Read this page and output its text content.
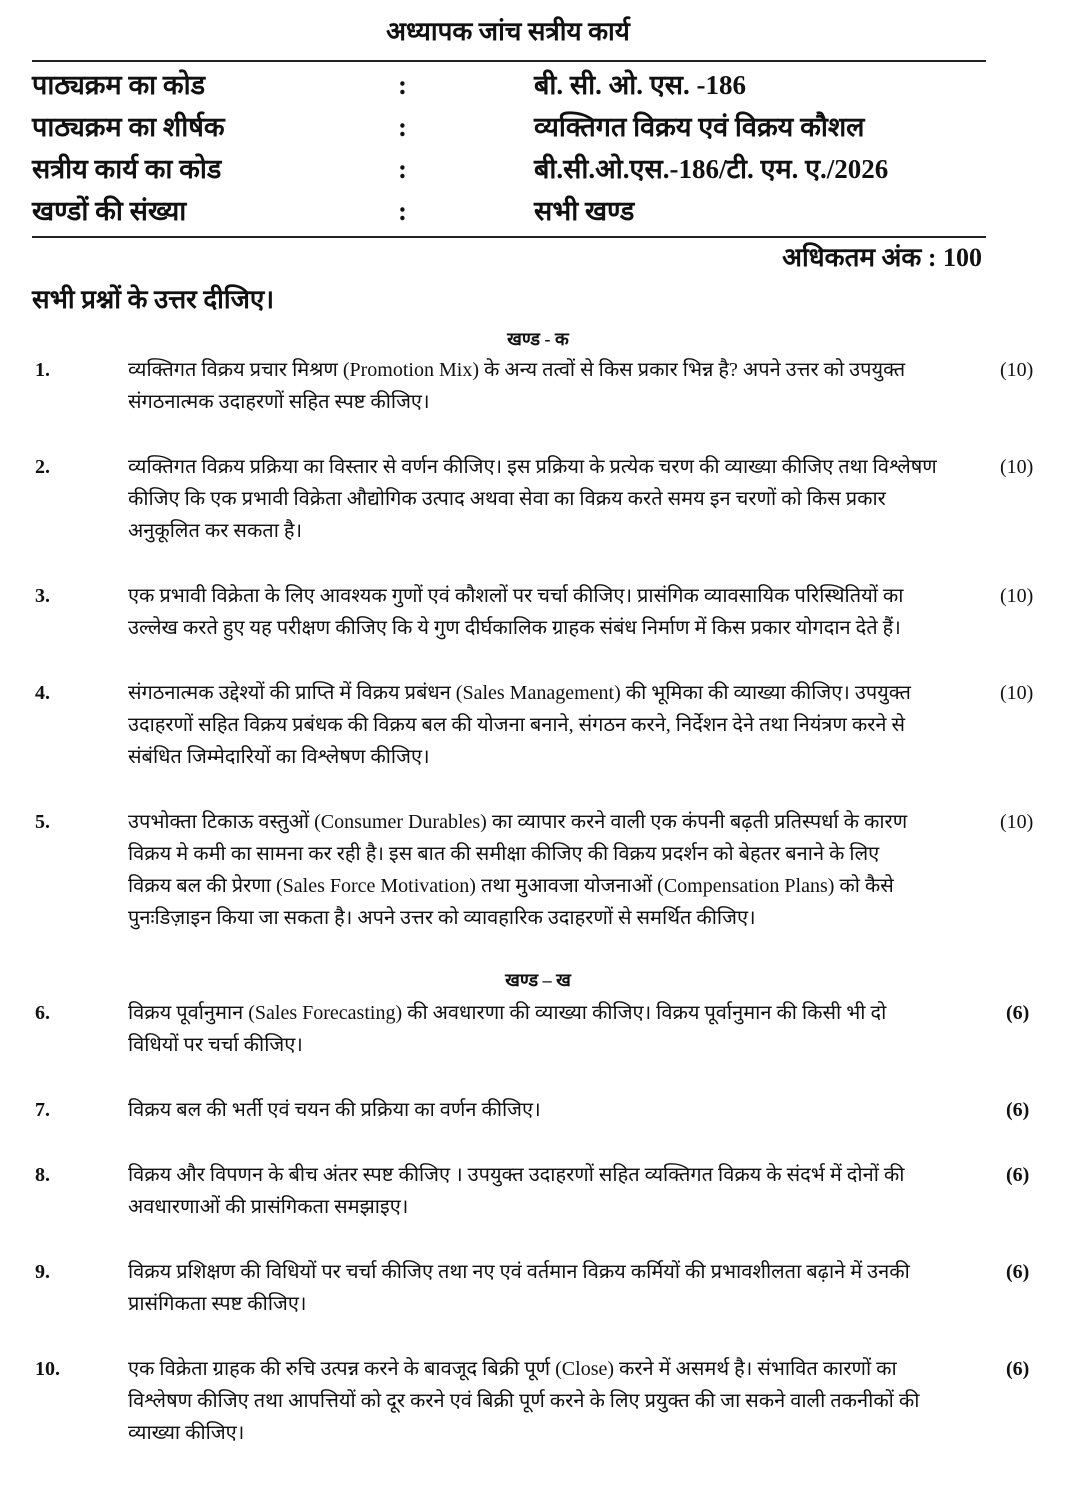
अध्यापक जांच सत्रीय कार्य
पाठ्यक्रम का कोड	:	बी. सी. ओ. एस. -186
पाठ्यक्रम का शीर्षक	:	व्यक्तिगत विक्रय एवं विक्रय कौशल
सत्रीय कार्य का कोड	:	बी.सी.ओ.एस.-186/टी. एम. ए./2026
खण्डों की संख्या	:	सभी खण्ड
अधिकतम अंक : 100
सभी प्रश्नों के उत्तर दीजिए।
खण्ड - क
1.	व्यक्तिगत विक्रय प्रचार मिश्रण (Promotion Mix) के अन्य तत्वों से किस प्रकार भिन्न है? अपने उत्तर को उपयुक्त
संगठनात्मक उदाहरणों सहित स्पष्ट कीजिए।
(10)
2.	व्यक्तिगत विक्रय प्रक्रिया का विस्तार से वर्णन कीजिए। इस प्रक्रिया के प्रत्येक चरण की व्याख्या कीजिए तथा विश्लेषण
कीजिए कि एक प्रभावी विक्रेता औद्योगिक उत्पाद अथवा सेवा का विक्रय करते समय इन चरणों को किस प्रकार
अनुकूलित कर सकता है।
(10)
3.	एक प्रभावी विक्रेता के लिए आवश्यक गुणों एवं कौशलों पर चर्चा कीजिए। प्रासंगिक व्यावसायिक परिस्थितियों का
उल्लेख करते हुए यह परीक्षण कीजिए कि ये गुण दीर्घकालिक ग्राहक संबंध निर्माण में किस प्रकार योगदान देते हैं।
(10)
4.	संगठनात्मक उद्देश्यों की प्राप्ति में विक्रय प्रबंधन (Sales Management) की भूमिका की व्याख्या कीजिए। उपयुक्त
उदाहरणों सहित विक्रय प्रबंधक की विक्रय बल की योजना बनाने, संगठन करने, निर्देशन देने तथा नियंत्रण करने से
संबंधित जिम्मेदारियों का विश्लेषण कीजिए।
(10)
5.	उपभोक्ता टिकाऊ वस्तुओं (Consumer Durables) का व्यापार करने वाली एक कंपनी बढ़ती प्रतिस्पर्धा के कारण
विक्रय मे कमी का सामना कर रही है। इस बात की समीक्षा कीजिए की विक्रय प्रदर्शन को बेहतर बनाने के लिए
विक्रय बल की प्रेरणा (Sales Force Motivation) तथा मुआवजा योजनाओं (Compensation Plans) को कैसे
पुनःडिज़ाइन किया जा सकता है। अपने उत्तर को व्यावहारिक उदाहरणों से समर्थित कीजिए।
(10)
खण्ड – ख
6.	विक्रय पूर्वानुमान (Sales Forecasting) की अवधारणा की व्याख्या कीजिए। विक्रय पूर्वानुमान की किसी भी दो
विधियों पर चर्चा कीजिए।
(6)
7.	विक्रय बल की भर्ती एवं चयन की प्रक्रिया का वर्णन कीजिए।	(6)
8.	विक्रय और विपणन के बीच अंतर स्पष्ट कीजिए । उपयुक्त उदाहरणों सहित व्यक्तिगत विक्रय के संदर्भ में दोनों की
अवधारणाओं की प्रासंगिकता समझाइए।
(6)
9.	विक्रय प्रशिक्षण की विधियों पर चर्चा कीजिए तथा नए एवं वर्तमान विक्रय कर्मियों की प्रभावशीलता बढ़ाने में उनकी
प्रासंगिकता स्पष्ट कीजिए।
(6)
10.	एक विक्रेता ग्राहक की रुचि उत्पन्न करने के बावजूद बिक्री पूर्ण (Close) करने में असमर्थ है। संभावित कारणों का
विश्लेषण कीजिए तथा आपत्तियों को दूर करने एवं बिक्री पूर्ण करने के लिए प्रयुक्त की जा सकने वाली तकनीकों की
व्याख्या कीजिए।
(6)
